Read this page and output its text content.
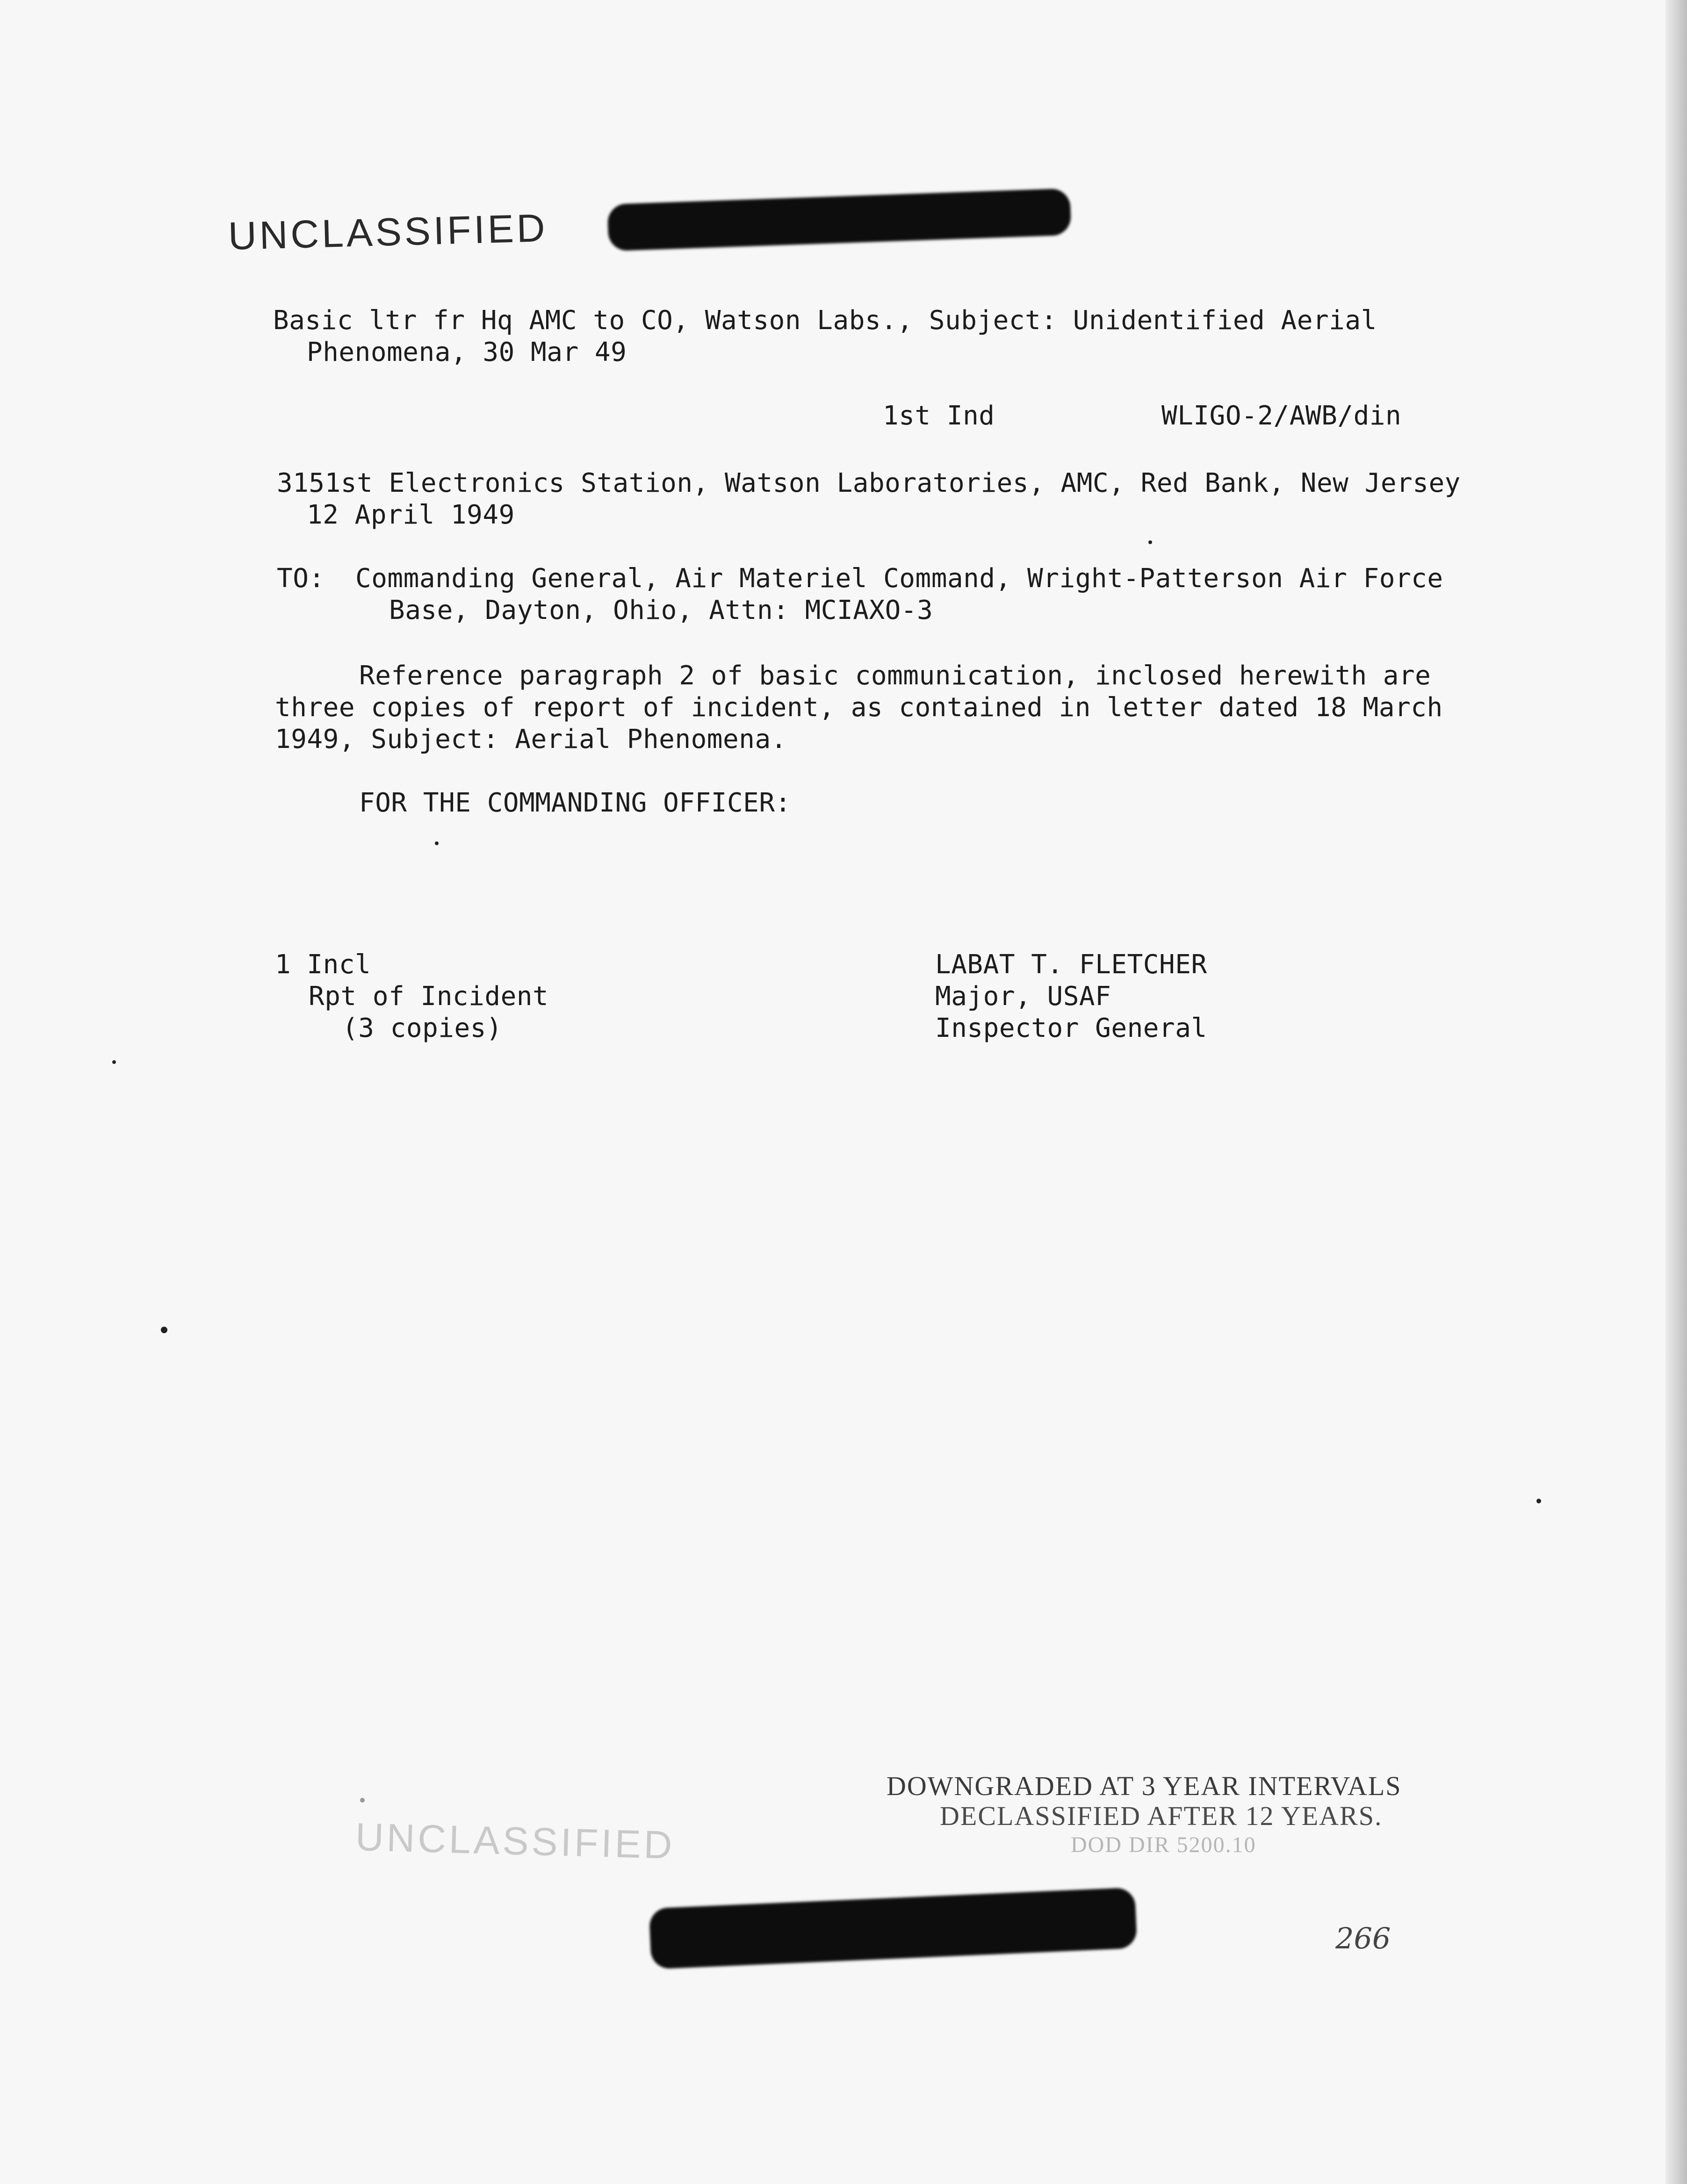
UNCLASSIFIED
Basic ltr fr Hq AMC to CO, Watson Labs., Subject: Unidentified Aerial
Phenomena, 30 Mar 49
1st Ind	WLIGO-2/AWB/din
3151st Electronics Station, Watson Laboratories, AMC, Red Bank, New Jersey
12 April 1949
TO: Commanding General, Air Materiel Command, Wright-Patterson Air Force
Base, Dayton, Ohio, Attn: MCIAXO-3
Reference paragraph 2 of basic communication, inclosed herewith are
three copies of report of incident, as contained in letter dated 18 March
1949, Subject: Aerial Phenomena.
FOR THE COMMANDING OFFICER:
1 Incl
Rpt of Incident
(3 copies)
LABAT T. FLETCHER
Major, USAF
Inspector General
DOWNGRADED AT 3 YEAR INTERVALS
DECLASSIFIED AFTER 12 YEARS.
DOD DIR 5200.10
UNCLASSIFIED
266
